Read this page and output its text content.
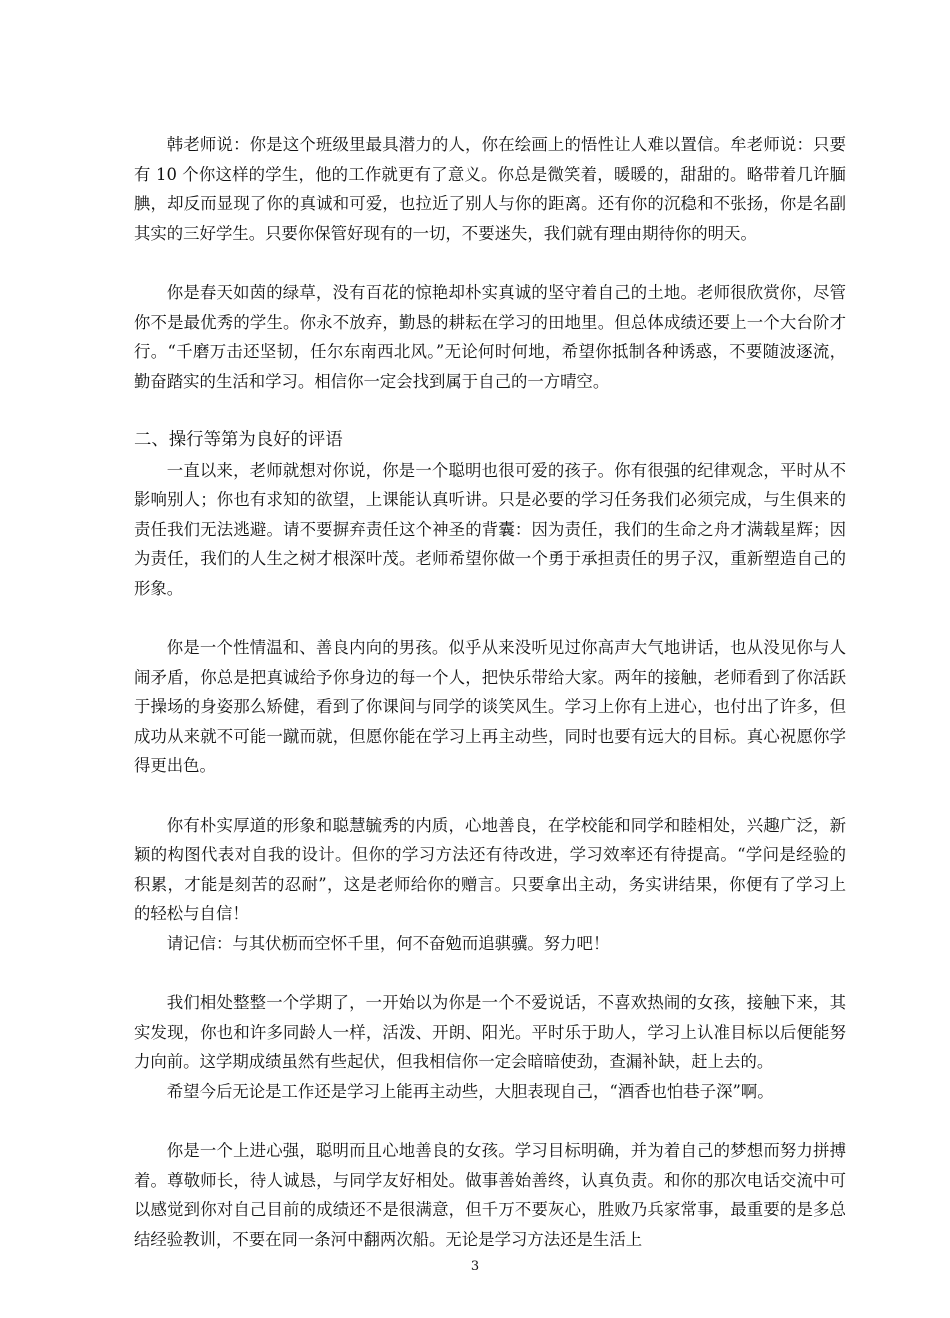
韩老师说：你是这个班级里最具潜力的人，你在绘画上的悟性让人难以置信。牟老师说：只要有 10 个你这样的学生，他的工作就更有了意义。你总是微笑着，暖暖的，甜甜的。略带着几许腼腆，却反而显现了你的真诚和可爱，也拉近了别人与你的距离。还有你的沉稳和不张扬，你是名副其实的三好学生。只要你保管好现有的一切，不要迷失，我们就有理由期待你的明天。

你是春天如茵的绿草，没有百花的惊艳却朴实真诚的坚守着自己的土地。老师很欣赏你，尽管你不是最优秀的学生。你永不放弃，勤恳的耕耘在学习的田地里。但总体成绩还要上一个大台阶才行。“千磨万击还坚韧，任尔东南西北风。”无论何时何地，希望你抵制各种诱惑，不要随波逐流，勤奋踏实的生活和学习。相信你一定会找到属于自己的一方晴空。

二、操行等第为良好的评语

一直以来，老师就想对你说，你是一个聪明也很可爱的孩子。你有很强的纪律观念，平时从不影响别人；你也有求知的欲望，上课能认真听讲。只是必要的学习任务我们必须完成，与生俱来的责任我们无法逃避。请不要摒弃责任这个神圣的背囊：因为责任，我们的生命之舟才满载星辉；因为责任，我们的人生之树才根深叶茂。老师希望你做一个勇于承担责任的男子汉，重新塑造自己的形象。

你是一个性情温和、善良内向的男孩。似乎从来没听见过你高声大气地讲话，也从没见你与人闹矛盾，你总是把真诚给予你身边的每一个人，把快乐带给大家。两年的接触，老师看到了你活跃于操场的身姿那么矫健，看到了你课间与同学的谈笑风生。学习上你有上进心，也付出了许多，但成功从来就不可能一蹴而就，但愿你能在学习上再主动些，同时也要有远大的目标。真心祝愿你学得更出色。

你有朴实厚道的形象和聪慧毓秀的内质，心地善良，在学校能和同学和睦相处，兴趣广泛，新颖的构图代表对自我的设计。但你的学习方法还有待改进，学习效率还有待提高。“学问是经验的积累，才能是刻苦的忍耐”，这是老师给你的赠言。只要拿出主动，务实讲结果，你便有了学习上的轻松与自信！

请记信：与其伏枥而空怀千里，何不奋勉而追骐骥。努力吧！

我们相处整整一个学期了，一开始以为你是一个不爱说话，不喜欢热闹的女孩，接触下来，其实发现，你也和许多同龄人一样，活泼、开朗、阳光。平时乐于助人，学习上认准目标以后便能努力向前。这学期成绩虽然有些起伏，但我相信你一定会暗暗使劲，查漏补缺，赶上去的。

希望今后无论是工作还是学习上能再主动些，大胆表现自己，“酒香也怕巷子深”啊。

你是一个上进心强，聪明而且心地善良的女孩。学习目标明确，并为着自己的梦想而努力拼搏着。尊敬师长，待人诚恳，与同学友好相处。做事善始善终，认真负责。和你的那次电话交流中可以感觉到你对自己目前的成绩还不是很满意，但千万不要灰心，胜败乃兵家常事，最重要的是多总结经验教训，不要在同一条河中翻两次船。无论是学习方法还是生活上

3
